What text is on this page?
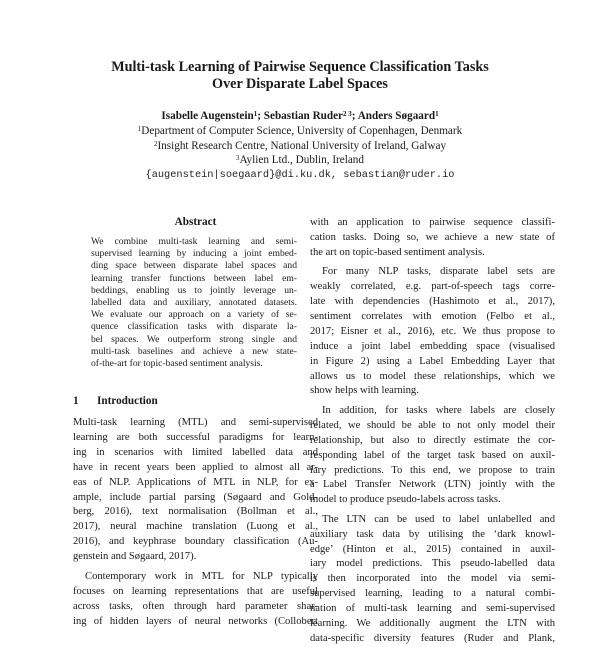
Multi-task Learning of Pairwise Sequence Classification Tasks
Over Disparate Label Spaces
Isabelle Augenstein$^1$; Sebastian Ruder$^{2 3}$; Anders Søgaard$^1$
$^1$Department of Computer Science, University of Copenhagen, Denmark
$^2$Insight Research Centre, National University of Ireland, Galway
$^3$Aylien Ltd., Dublin, Ireland
{augenstein|soegaard}@di.ku.dk, sebastian@ruder.io
Abstract
We combine multi-task learning and semi-
supervised learning by inducing a joint embed-
ding space between disparate label spaces and
learning transfer functions between label em-
beddings, enabling us to jointly leverage un-
labelled data and auxiliary, annotated datasets.
We evaluate our approach on a variety of se-
quence classification tasks with disparate la-
bel spaces. We outperform strong single and
multi-task baselines and achieve a new state-
of-the-art for topic-based sentiment analysis.
1 Introduction
Multi-task learning (MTL) and semi-supervised
learning are both successful paradigms for learn-
ing in scenarios with limited labelled data and
have in recent years been applied to almost all ar-
eas of NLP. Applications of MTL in NLP, for ex-
ample, include partial parsing (Søgaard and Gold-
berg, 2016), text normalisation (Bollman et al.,
2017), neural machine translation (Luong et al.,
2016), and keyphrase boundary classification (Au-
genstein and Søgaard, 2017).
Contemporary work in MTL for NLP typically
focuses on learning representations that are useful
across tasks, often through hard parameter shar-
ing of hidden layers of neural networks (Collobert
with an application to pairwise sequence classifi-
cation tasks. Doing so, we achieve a new state of
the art on topic-based sentiment analysis.
For many NLP tasks, disparate label sets are
weakly correlated, e.g. part-of-speech tags corre-
late with dependencies (Hashimoto et al., 2017),
sentiment correlates with emotion (Felbo et al.,
2017; Eisner et al., 2016), etc. We thus propose to
induce a joint label embedding space (visualised
in Figure 2) using a Label Embedding Layer that
allows us to model these relationships, which we
show helps with learning.
In addition, for tasks where labels are closely
related, we should be able to not only model their
relationship, but also to directly estimate the cor-
responding label of the target task based on auxil-
iary predictions. To this end, we propose to train
a Label Transfer Network (LTN) jointly with the
model to produce pseudo-labels across tasks.
The LTN can be used to label unlabelled and
auxiliary task data by utilising the ‘dark knowl-
edge’ (Hinton et al., 2015) contained in auxil-
iary model predictions. This pseudo-labelled data
is then incorporated into the model via semi-
supervised learning, leading to a natural combi-
nation of multi-task learning and semi-supervised
learning. We additionally augment the LTN with
data-specific diversity features (Ruder and Plank,
